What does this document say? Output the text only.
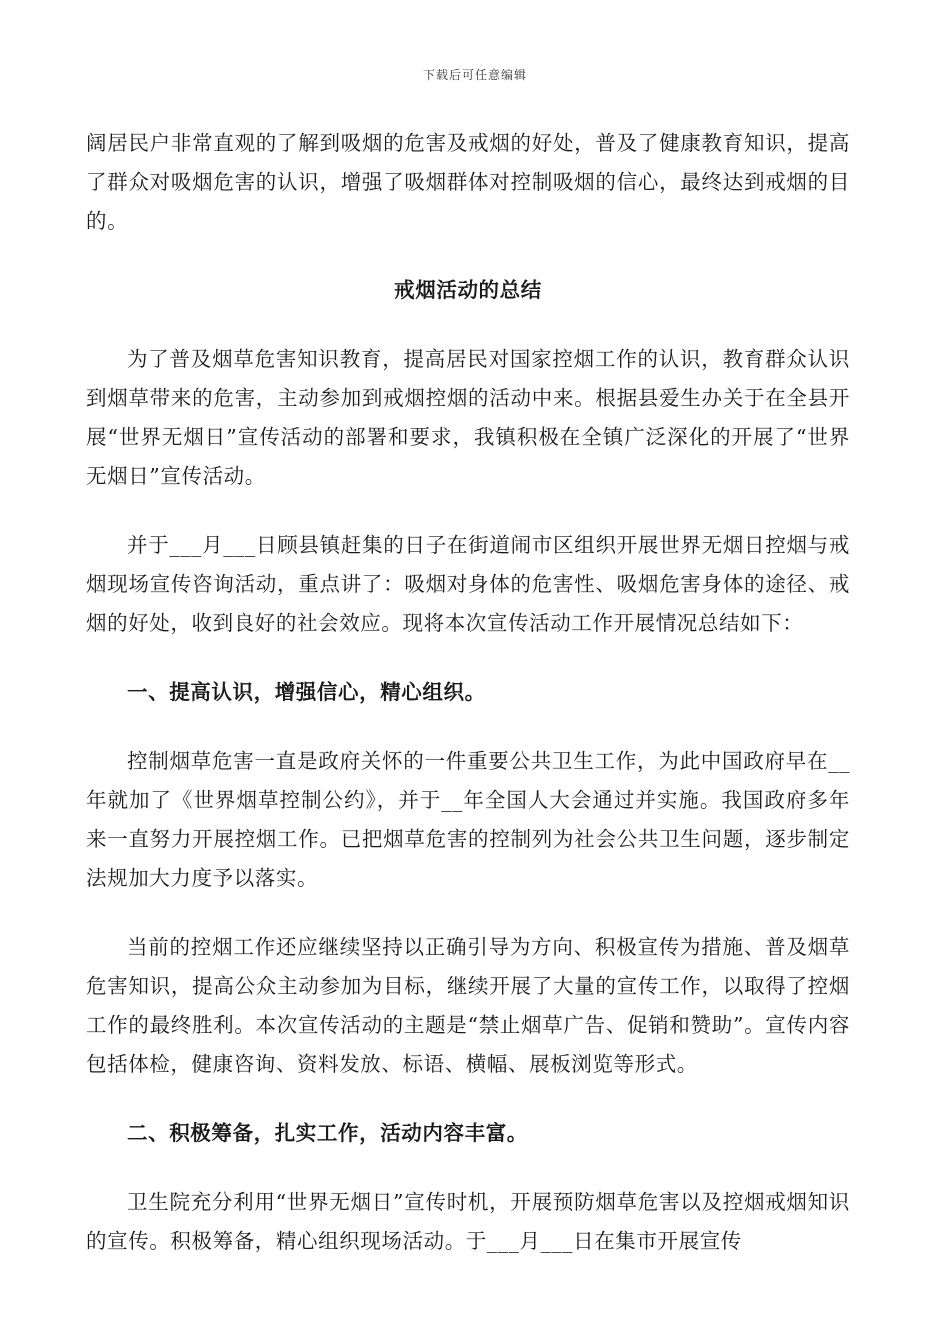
下载后可任意编辑

阔居民户非常直观的了解到吸烟的危害及戒烟的好处，普及了健康教育知识，提高了群众对吸烟危害的认识，增强了吸烟群体对控制吸烟的信心，最终达到戒烟的目的。

戒烟活动的总结

为了普及烟草危害知识教育，提高居民对国家控烟工作的认识，教育群众认识到烟草带来的危害，主动参加到戒烟控烟的活动中来。根据县爱生办关于在全县开展“世界无烟日”宣传活动的部署和要求，我镇积极在全镇广泛深化的开展了“世界无烟日”宣传活动。

并于___月___日顾县镇赶集的日子在街道闹市区组织开展世界无烟日控烟与戒烟现场宣传咨询活动，重点讲了：吸烟对身体的危害性、吸烟危害身体的途径、戒烟的好处，收到良好的社会效应。现将本次宣传活动工作开展情况总结如下：

一、提高认识，增强信心，精心组织。

控制烟草危害一直是政府关怀的一件重要公共卫生工作，为此中国政府早在__年就加了《世界烟草控制公约》，并于__年全国人大会通过并实施。我国政府多年来一直努力开展控烟工作。已把烟草危害的控制列为社会公共卫生问题，逐步制定法规加大力度予以落实。

当前的控烟工作还应继续坚持以正确引导为方向、积极宣传为措施、普及烟草危害知识，提高公众主动参加为目标，继续开展了大量的宣传工作，以取得了控烟工作的最终胜利。本次宣传活动的主题是“禁止烟草广告、促销和赞助”。宣传内容包括体检，健康咨询、资料发放、标语、横幅、展板浏览等形式。

二、积极筹备，扎实工作，活动内容丰富。

卫生院充分利用“世界无烟日”宣传时机，开展预防烟草危害以及控烟戒烟知识的宣传。积极筹备，精心组织现场活动。于___月___日在集市开展宣传
